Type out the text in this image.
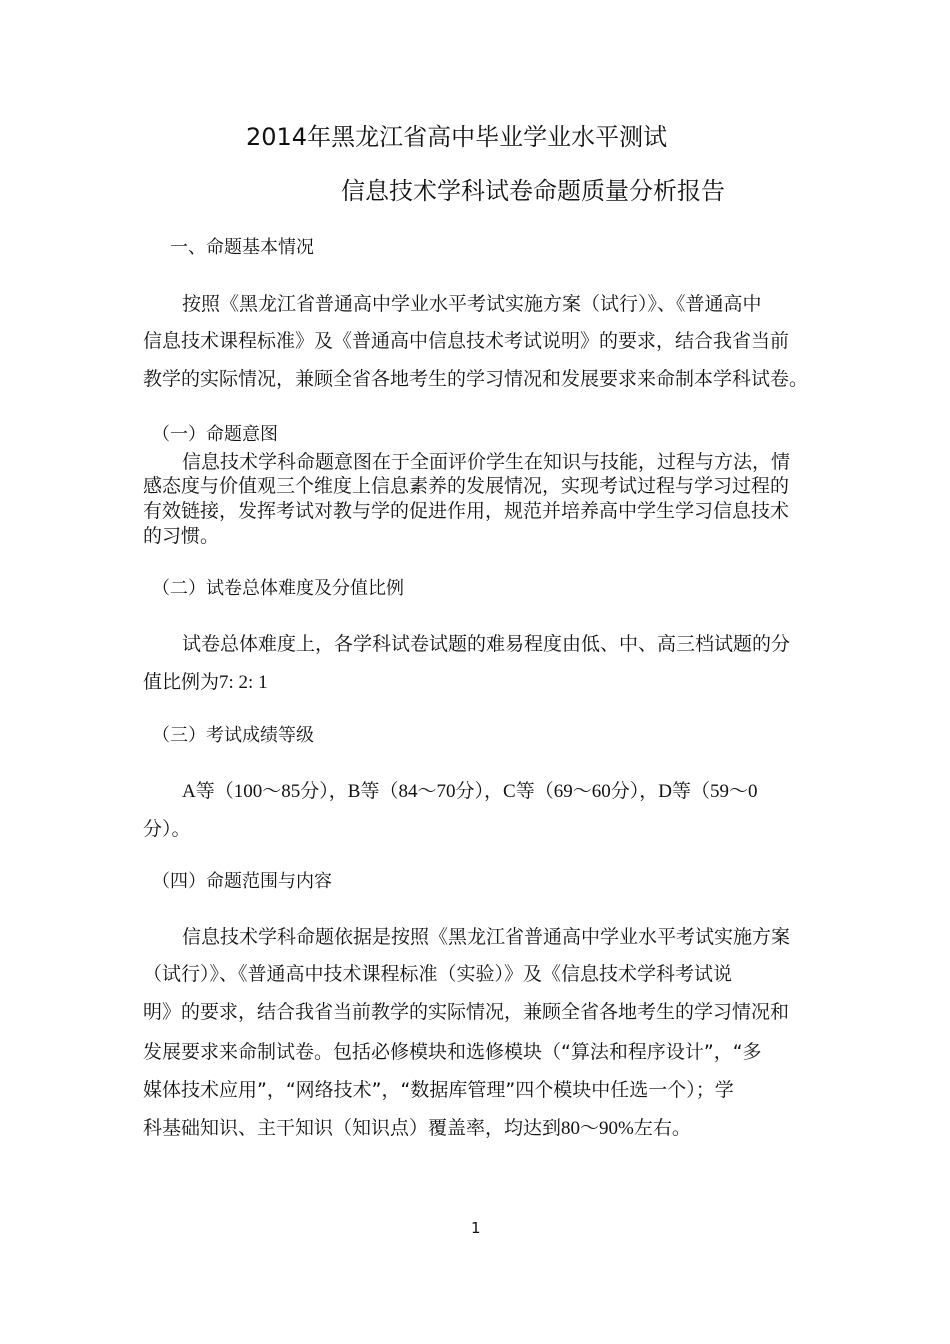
2014年黑龙江省高中毕业学业水平测试
信息技术学科试卷命题质量分析报告
一、命题基本情况
按照《黑龙江省普通高中学业水平考试实施方案（试行）》、《普通高中
信息技术课程标准》及《普通高中信息技术考试说明》的要求，结合我省当前
教学的实际情况，兼顾全省各地考生的学习情况和发展要求来命制本学科试卷。
（一）命题意图
信息技术学科命题意图在于全面评价学生在知识与技能，过程与方法，情
感态度与价值观三个维度上信息素养的发展情况，实现考试过程与学习过程的
有效链接，发挥考试对教与学的促进作用，规范并培养高中学生学习信息技术
的习惯。
（二）试卷总体难度及分值比例
试卷总体难度上，各学科试卷试题的难易程度由低、中、高三档试题的分
值比例为7: 2: 1
（三）考试成绩等级
A等（100～85分），B等（84～70分），C等（69～60分），D等（59～0
分）。
（四）命题范围与内容
信息技术学科命题依据是按照《黑龙江省普通高中学业水平考试实施方案
（试行）》、《普通高中技术课程标准（实验）》及《信息技术学科考试说
明》的要求，结合我省当前教学的实际情况，兼顾全省各地考生的学习情况和
发展要求来命制试卷。包括必修模块和选修模块（“算法和程序设计”，“多
媒体技术应用”，“网络技术”，“数据库管理”四个模块中任选一个）；学
科基础知识、主干知识（知识点）覆盖率，均达到80～90%左右。
1
